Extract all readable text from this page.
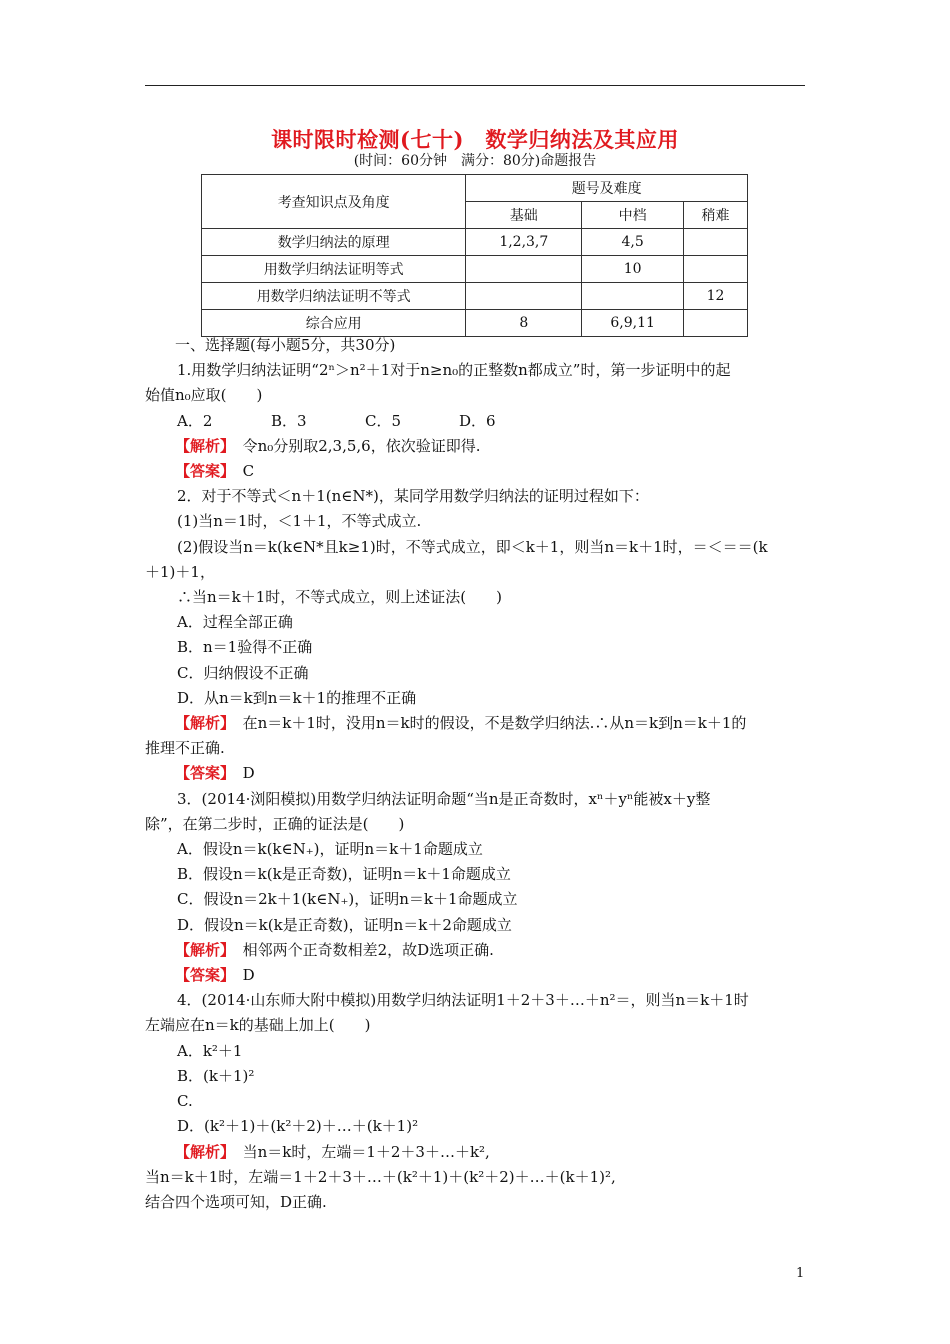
课时限时检测(七十)　数学归纳法及其应用
(时间：60分钟　满分：80分)命题报告
考查知识点及角度	题号及难度		
	基础	中档	稍难
数学归纳法的原理	1,2,3,7	4,5	
用数学归纳法证明等式		10	
用数学归纳法证明不等式			12
综合应用	8	6,9,11	

一、选择题(每小题5分，共30分)

1.用数学归纳法证明“2ⁿ＞n²＋1对于n≥n₀的正整数n都成立”时，第一步证明中的起

始值n₀应取(　　)

A．2	B．3	C．5	D．6

【 解析 】　 令n₀分别取2,3,5,6，依次验证即得.

【 答案 】　 C

2．对于不等式＜n＋1(n∈N*)，某同学用数学归纳法的证明过程如下：

(1)当n＝1时，＜1＋1，不等式成立.

(2)假设当n＝k(k∈N*且k≥1)时，不等式成立，即＜k＋1，则当n＝k＋1时，＝＜＝＝(k

＋1)＋1，

∴当n＝k＋1时，不等式成立，则上述证法(　　)

A．过程全部正确

B．n＝1验得不正确

C．归纳假设不正确

D．从n＝k到n＝k＋1的推理不正确

【 解析 】　 在n＝k＋1时，没用n＝k时的假设，不是数学归纳法.∴从n＝k到n＝k＋1的

推理不正确.

【 答案 】　 D

3．(2014·浏阳模拟)用数学归纳法证明命题“当n是正奇数时，xⁿ＋yⁿ能被x＋y整

除”，在第二步时，正确的证法是(　　)

A．假设n＝k(k∈N₊)，证明n＝k＋1命题成立

B．假设n＝k(k是正奇数)，证明n＝k＋1命题成立

C．假设n＝2k＋1(k∈N₊)，证明n＝k＋1命题成立

D．假设n＝k(k是正奇数)，证明n＝k＋2命题成立

【 解析 】　 相邻两个正奇数相差2，故D选项正确.

【 答案 】　 D

4．(2014·山东师大附中模拟)用数学归纳法证明1＋2＋3＋…＋n²＝，则当n＝k＋1时

左端应在n＝k的基础上加上(　　)

A．k²＋1

B．(k＋1)²

C.

D．(k²＋1)＋(k²＋2)＋…＋(k＋1)²

【 解析 】　 当n＝k时，左端＝1＋2＋3＋…＋k²,

当n＝k＋1时，左端＝1＋2＋3＋…＋(k²＋1)＋(k²＋2)＋…＋(k＋1)²,

结合四个选项可知，D正确.

1
